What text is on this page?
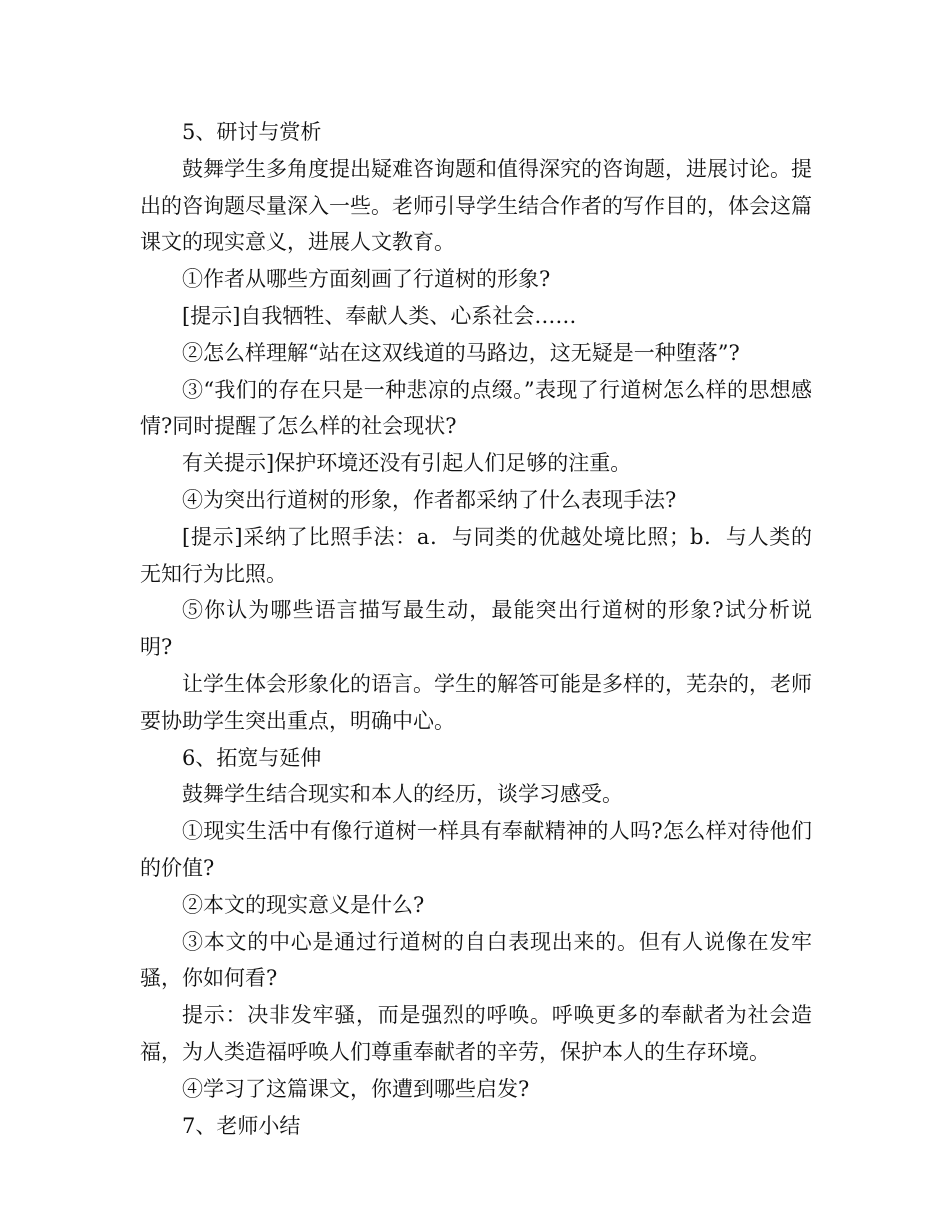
5、研讨与赏析

鼓舞学生多角度提出疑难咨询题和值得深究的咨询题，进展讨论。提出的咨询题尽量深入一些。老师引导学生结合作者的写作目的，体会这篇课文的现实意义，进展人文教育。

①作者从哪些方面刻画了行道树的形象?

[提示]自我牺牲、奉献人类、心系社会……

②怎么样理解“站在这双线道的马路边，这无疑是一种堕落”?

③“我们的存在只是一种悲凉的点缀。”表现了行道树怎么样的思想感情?同时提醒了怎么样的社会现状?

有关提示]保护环境还没有引起人们足够的注重。

④为突出行道树的形象，作者都采纳了什么表现手法?

[提示]采纳了比照手法：a．与同类的优越处境比照；b．与人类的无知行为比照。

⑤你认为哪些语言描写最生动，最能突出行道树的形象?试分析说明?

让学生体会形象化的语言。学生的解答可能是多样的，芜杂的，老师要协助学生突出重点，明确中心。

6、拓宽与延伸

鼓舞学生结合现实和本人的经历，谈学习感受。

①现实生活中有像行道树一样具有奉献精神的人吗?怎么样对待他们的价值?

②本文的现实意义是什么?

③本文的中心是通过行道树的自白表现出来的。但有人说像在发牢骚，你如何看?

提示：决非发牢骚，而是强烈的呼唤。呼唤更多的奉献者为社会造福，为人类造福呼唤人们尊重奉献者的辛劳，保护本人的生存环境。

④学习了这篇课文，你遭到哪些启发?

7、老师小结
